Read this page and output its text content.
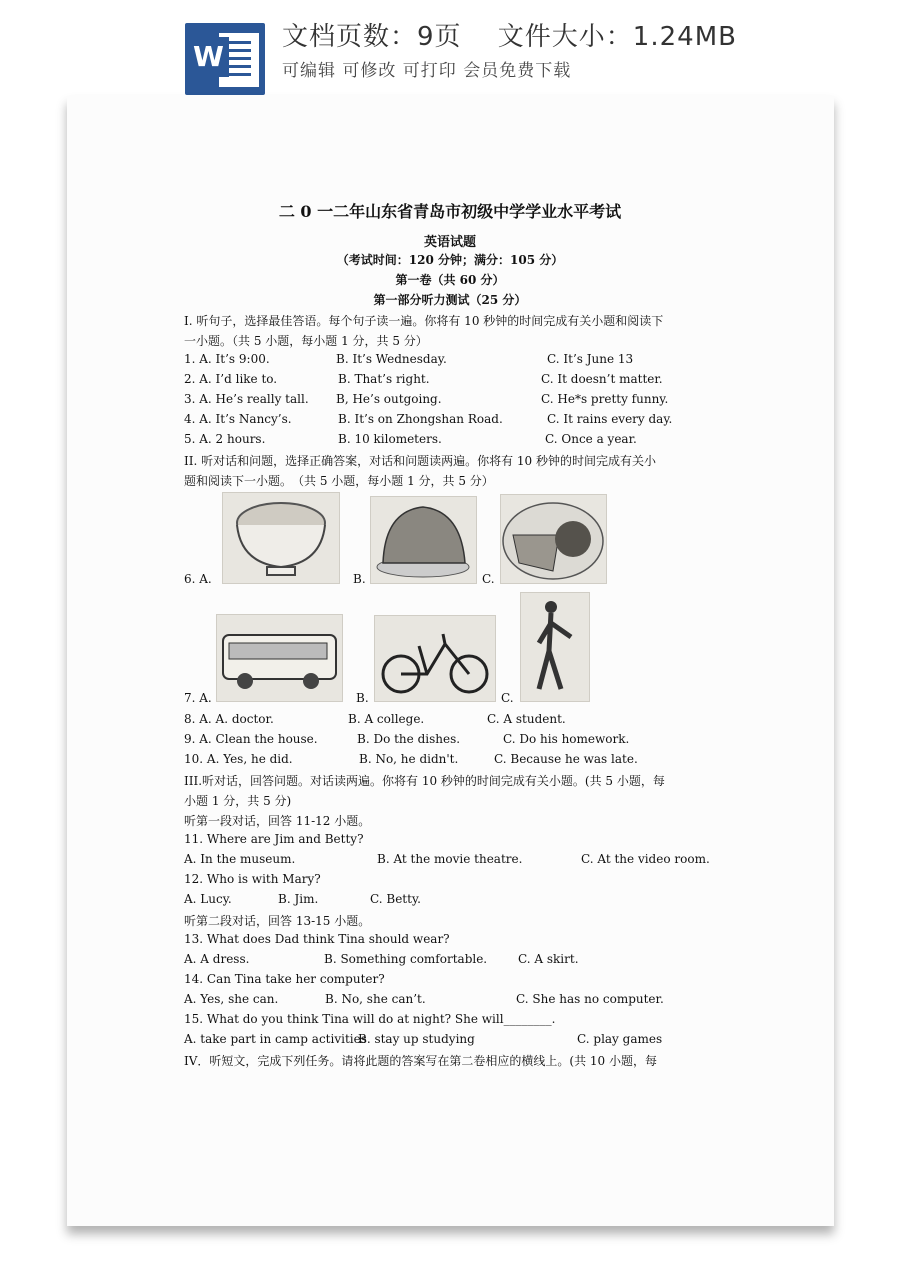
W
文档页数：9页　 文件大小：1.24MB
可编辑 可修改 可打印 会员免费下载
二 0 一二年山东省青岛市初级中学学业水平考试
英语试题
（考试时间：120 分钟；满分：105 分）
第一卷（共 60 分）
第一部分听力测试（25 分）
I. 听句子，选择最佳答语。每个句子读一遍。你将有 10 秒钟的时间完成有关小题和阅读下
一小题。（共 5 小题，每小题 1 分，共 5 分）
1. A. It’s 9:00.	B. It’s Wednesday.	C. It’s June 13
2. A. I’d like to.	B. That’s right.	C. It doesn’t matter.
3. A. He’s really tall. B, He’s outgoing.	C. He*s pretty funny.
4. A. It’s Nancy’s.	B. It’s on Zhongshan Road.	C. It rains every day.
5. A. 2 hours.	B. 10 kilometers.	C. Once a year.
II. 听对话和问题，选择正确答案，对话和问题读两遍。你将有 10 秒钟的时间完成有关小
题和阅读下一小题。　（共 5 小题，每小题 1 分，共 5 分）
6. A.	B.	C.
7. A.	B.	C.
8. A. A. doctor.	B. A college.	C. A student.
9. A. Clean the house.	B. Do the dishes.	C. Do his homework.
10. A. Yes, he did.	B. No, he didn't.	C. Because he was late.
III.听对话，回答问题。对话读两遍。你将有 10 秒钟的时间完成有关小题。(共 5 小题，每
小题 1 分，共 5 分)
听第一段对话，回答 11-12 小题。
11. Where are Jim and Betty?
A. In the museum.	B. At the movie theatre.	C. At the video room.
12. Who is with Mary?
A. Lucy.	B. Jim.	C. Betty.
听第二段对话，回答 13-15 小题。
13. What does Dad think Tina should wear?
A. A dress.	B. Something comfortable.	C. A skirt.
14. Can Tina take her computer?
A. Yes, she can.	B. No, she can’t.	C. She has no computer.
15. What do you think Tina will do at night? She will________.
A. take part in camp activities
B. stay up studying	C. play games
IV．听短文，完成下列任务。请将此题的答案写在第二卷相应的横线上。(共 10 小题，每
